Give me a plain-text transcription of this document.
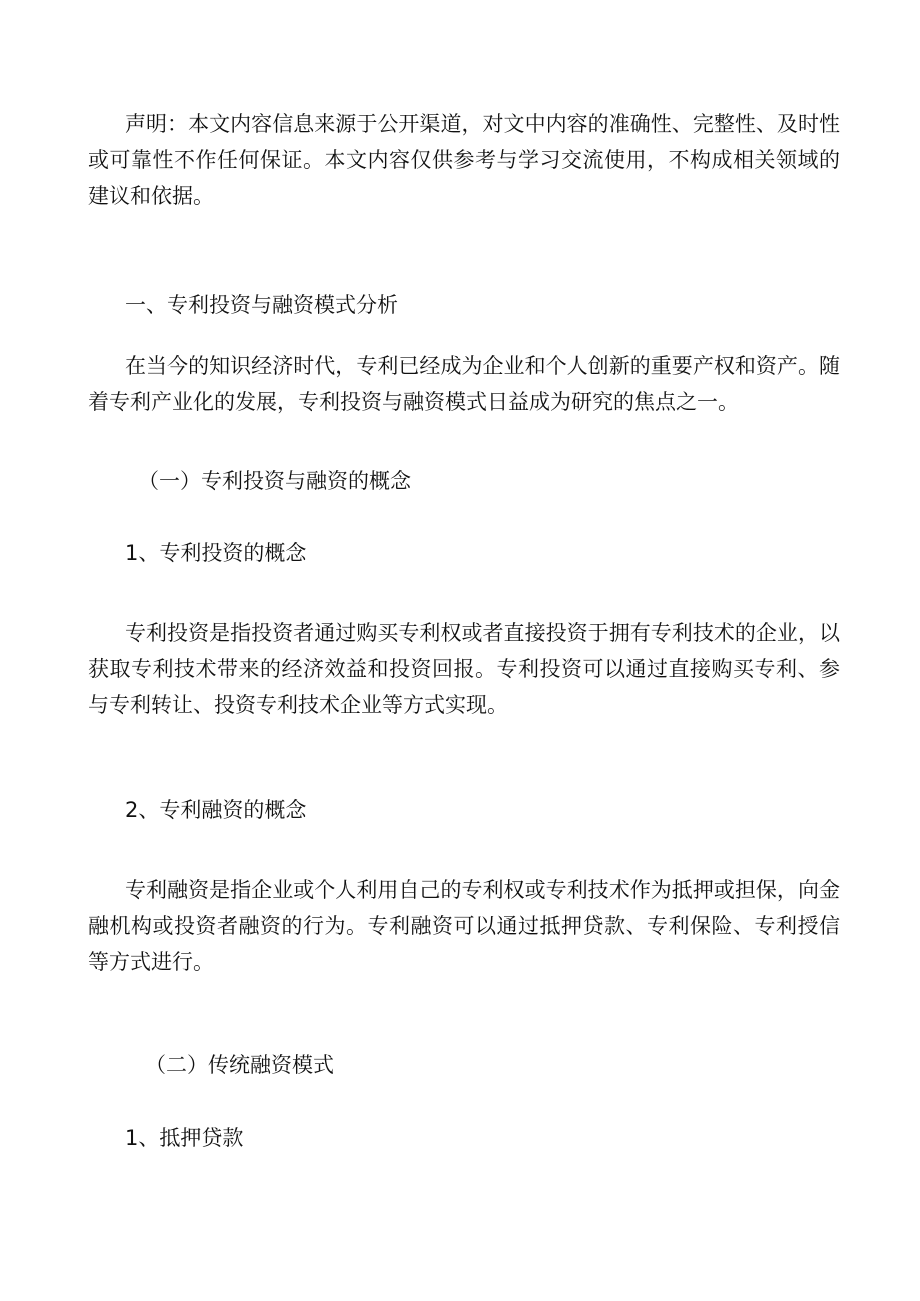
声明：本文内容信息来源于公开渠道，对文中内容的准确性、完整性、及时性或可靠性不作任何保证。本文内容仅供参考与学习交流使用，不构成相关领域的建议和依据。

一、专利投资与融资模式分析

在当今的知识经济时代，专利已经成为企业和个人创新的重要产权和资产。随着专利产业化的发展，专利投资与融资模式日益成为研究的焦点之一。

（一）专利投资与融资的概念

1、专利投资的概念

专利投资是指投资者通过购买专利权或者直接投资于拥有专利技术的企业，以获取专利技术带来的经济效益和投资回报。专利投资可以通过直接购买专利、参与专利转让、投资专利技术企业等方式实现。

2、专利融资的概念

专利融资是指企业或个人利用自己的专利权或专利技术作为抵押或担保，向金融机构或投资者融资的行为。专利融资可以通过抵押贷款、专利保险、专利授信等方式进行。

（二）传统融资模式

1、抵押贷款
